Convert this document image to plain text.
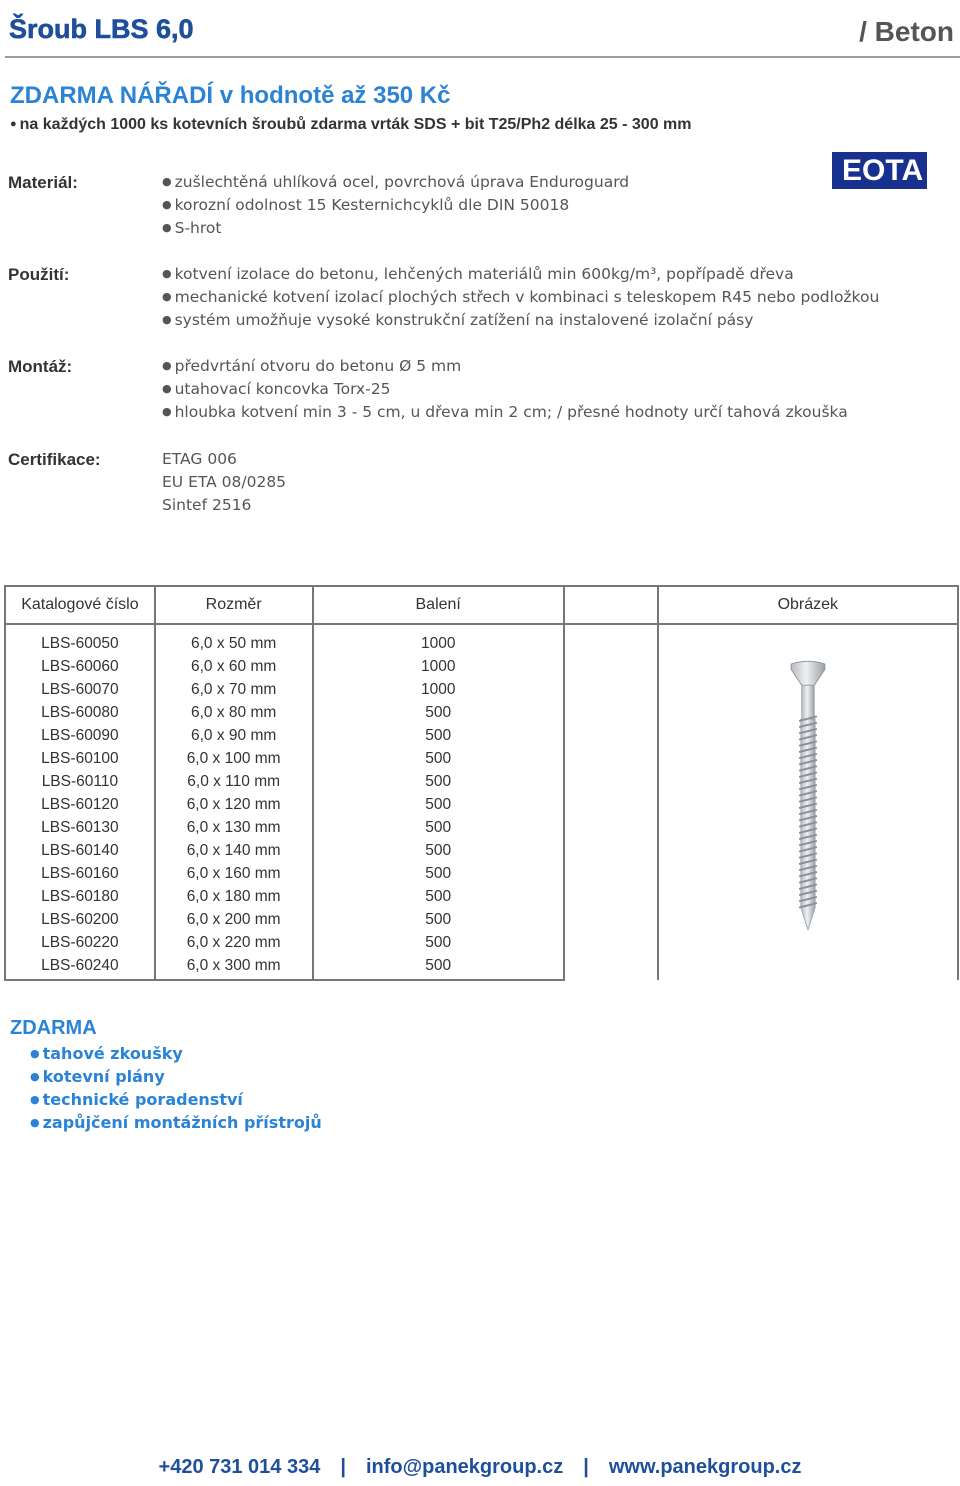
Šroub LBS 6,0	/ Beton
ZDARMA NÁŘADÍ v hodnotě až 350 Kč
● na každých 1000 ks kotevních šroubů zdarma vrták SDS + bit T25/Ph2 délka 25 - 300 mm
Materiál:	● zušlechtěná uhlíková ocel, povrchová úprava Enduroguard
● korozní odolnost 15 Kesternichcyklů dle DIN 50018
● S-hrot
EOTA
Použití:	● kotvení izolace do betonu, lehčených materiálů min 600kg/m³, popřípadě dřeva
● mechanické kotvení izolací plochých střech v kombinaci s teleskopem R45 nebo podložkou
● systém umožňuje vysoké konstrukční zatížení na instalovené izolační pásy
Montáž:	● předvrtání otvoru do betonu Ø 5 mm
● utahovací koncovka Torx-25
● hloubka kotvení min 3 - 5 cm, u dřeva min 2 cm; / přesné hodnoty určí tahová zkouška
Certifikace:	ETAG 006
EU ETA 08/0285
Sintef 2516
Katalogové číslo	Rozměr	Balení		Obrázek
LBS-60050	6,0 x 50 mm	1000		

LBS-60060	6,0 x 60 mm	1000		
LBS-60070	6,0 x 70 mm	1000		
LBS-60080	6,0 x 80 mm	500		
LBS-60090	6,0 x 90 mm	500		
LBS-60100	6,0 x 100 mm	500		
LBS-60110	6,0 x 110 mm	500		
LBS-60120	6,0 x 120 mm	500		
LBS-60130	6,0 x 130 mm	500		
LBS-60140	6,0 x 140 mm	500		
LBS-60160	6,0 x 160 mm	500		
LBS-60180	6,0 x 180 mm	500		
LBS-60200	6,0 x 200 mm	500		
LBS-60220	6,0 x 220 mm	500		
LBS-60240	6,0 x 300 mm	500		
ZDARMA
● tahové zkoušky
● kotevní plány
● technické poradenství
● zapůjčení montážních přístrojů
+420 731 014 334 | info@panekgroup.cz | www.panekgroup.cz
